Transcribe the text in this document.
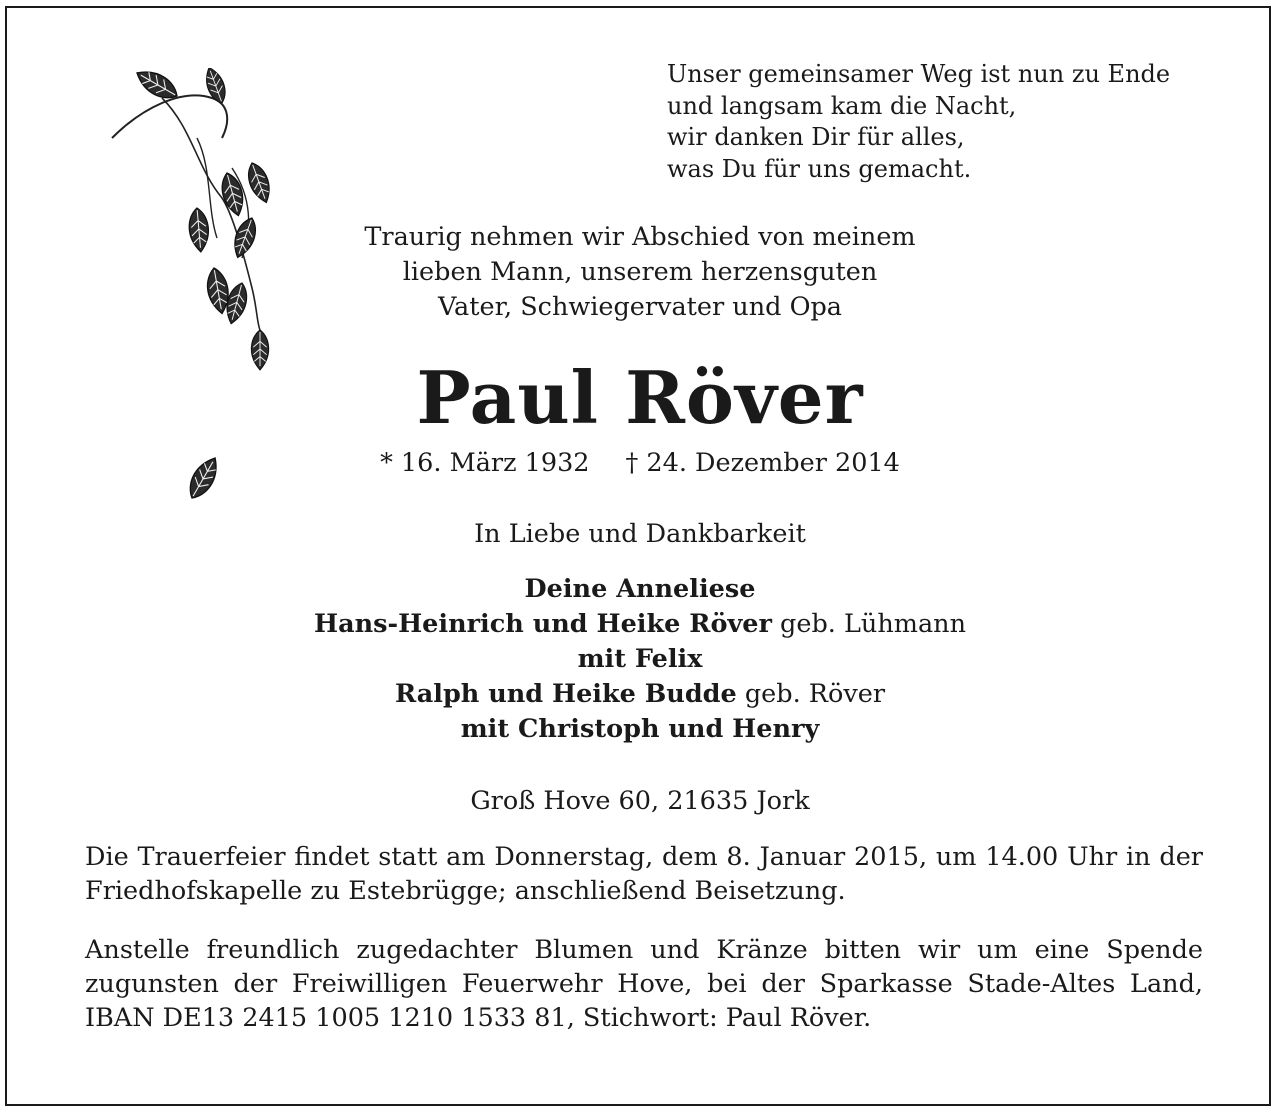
Unser gemeinsamer Weg ist nun zu Ende
und langsam kam die Nacht,
wir danken Dir für alles,
was Du für uns gemacht.
Traurig nehmen wir Abschied von meinem
lieben Mann, unserem herzensguten
Vater, Schwiegervater und Opa
Paul Röver
* 16. März 1932 † 24. Dezember 2014
In Liebe und Dankbarkeit
Deine Anneliese
Hans-Heinrich und Heike Röver geb. Lühmann
mit Felix
Ralph und Heike Budde geb. Röver
mit Christoph und Henry
Groß Hove 60, 21635 Jork
Die Trauerfeier findet statt am Donnerstag, dem 8. Januar 2015, um 14.00 Uhr in der Friedhofskapelle zu Estebrügge; anschließend Beisetzung.
Anstelle freundlich zugedachter Blumen und Kränze bitten wir um eine Spende zugunsten der Freiwilligen Feuerwehr Hove, bei der Sparkasse Stade-Altes Land, IBAN DE13 2415 1005 1210 1533 81, Stichwort: Paul Röver.
